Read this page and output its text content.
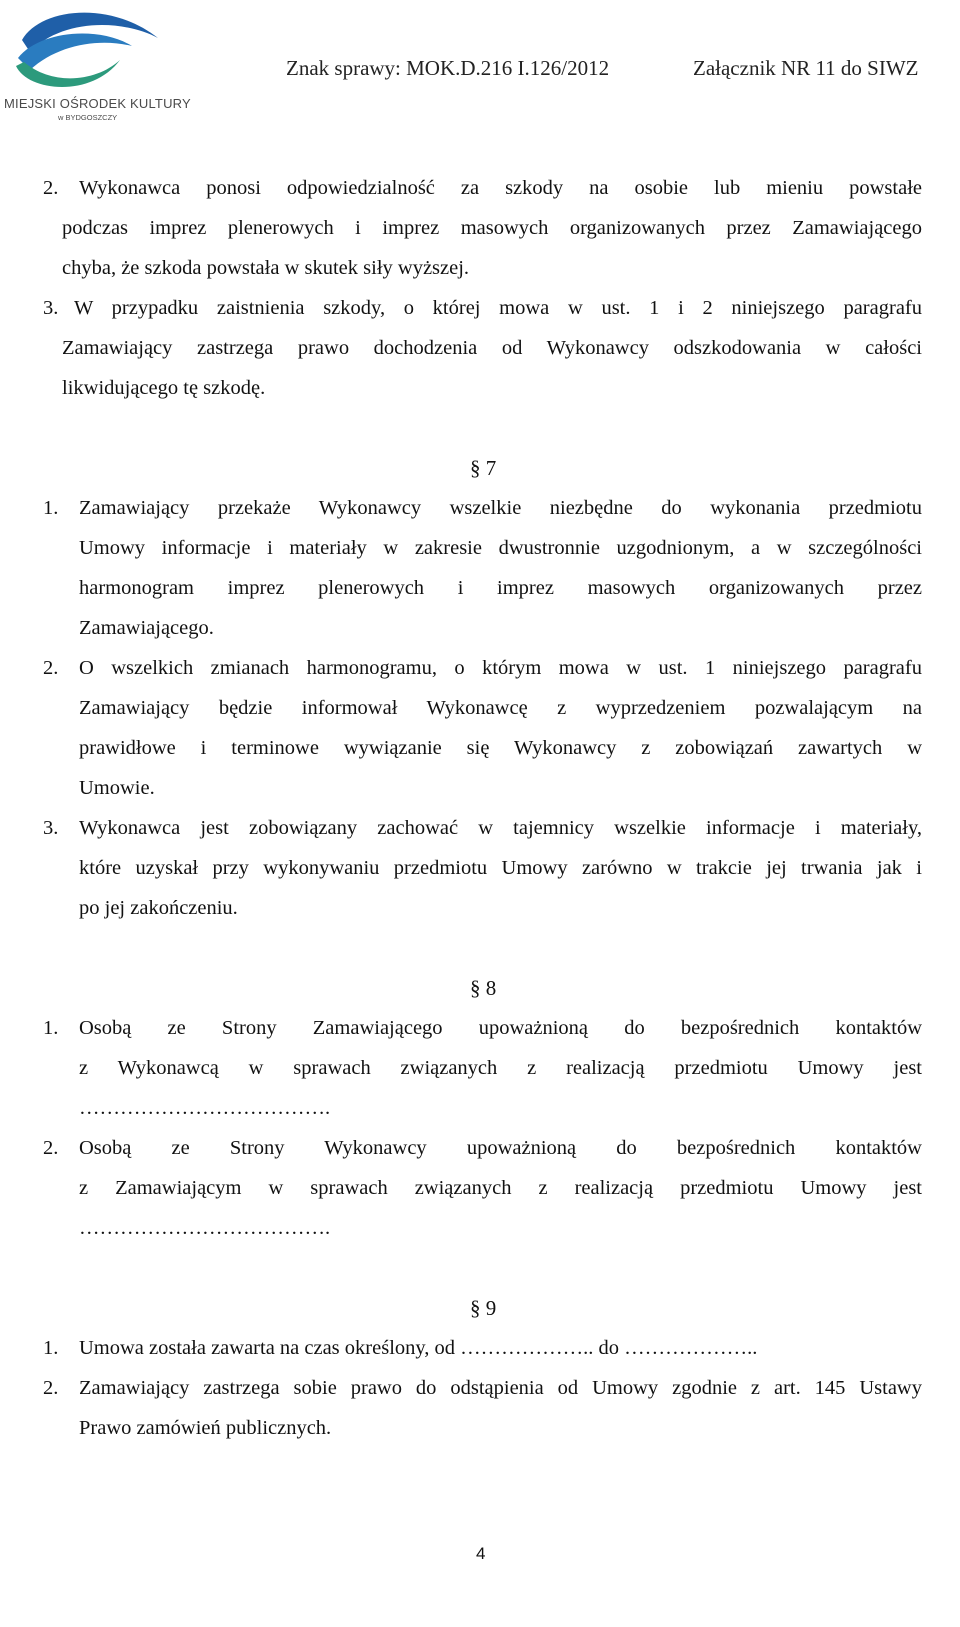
MIEJSKI OŚRODEK KULTURY
w BYDGOSZCZY
Znak sprawy: MOK.D.216 I.126/2012	Załącznik NR 11 do SIWZ
2. Wykonawca ponosi odpowiedzialność za szkody na osobie lub mieniu powstałe
podczas imprez plenerowych i imprez masowych organizowanych przez Zamawiającego
chyba, że szkoda powstała w skutek siły wyższej.
3. W przypadku zaistnienia szkody, o której mowa w ust. 1 i 2 niniejszego paragrafu
Zamawiający zastrzega prawo dochodzenia od Wykonawcy odszkodowania w całości
likwidującego tę szkodę.
§ 7
1. Zamawiający przekaże Wykonawcy wszelkie niezbędne do wykonania przedmiotu
Umowy informacje i materiały w zakresie dwustronnie uzgodnionym, a w szczególności
harmonogram imprez plenerowych i imprez masowych organizowanych przez
Zamawiającego.
2. O wszelkich zmianach harmonogramu, o którym mowa w ust. 1 niniejszego paragrafu
Zamawiający będzie informował Wykonawcę z wyprzedzeniem pozwalającym na
prawidłowe i terminowe wywiązanie się Wykonawcy z zobowiązań zawartych w
Umowie.
3. Wykonawca jest zobowiązany zachować w tajemnicy wszelkie informacje i materiały,
które uzyskał przy wykonywaniu przedmiotu Umowy zarówno w trakcie jej trwania jak i
po jej zakończeniu.
§ 8
1. Osobą ze Strony Zamawiającego upoważnioną do bezpośrednich kontaktów
z Wykonawcą w sprawach związanych z realizacją przedmiotu Umowy jest
……………………………….
2. Osobą ze Strony Wykonawcy upoważnioną do bezpośrednich kontaktów
z Zamawiającym w sprawach związanych z realizacją przedmiotu Umowy jest
……………………………….
§ 9
1. Umowa została zawarta na czas określony, od ……………….. do ………………..
2. Zamawiający zastrzega sobie prawo do odstąpienia od Umowy zgodnie z art. 145 Ustawy
Prawo zamówień publicznych.
4
